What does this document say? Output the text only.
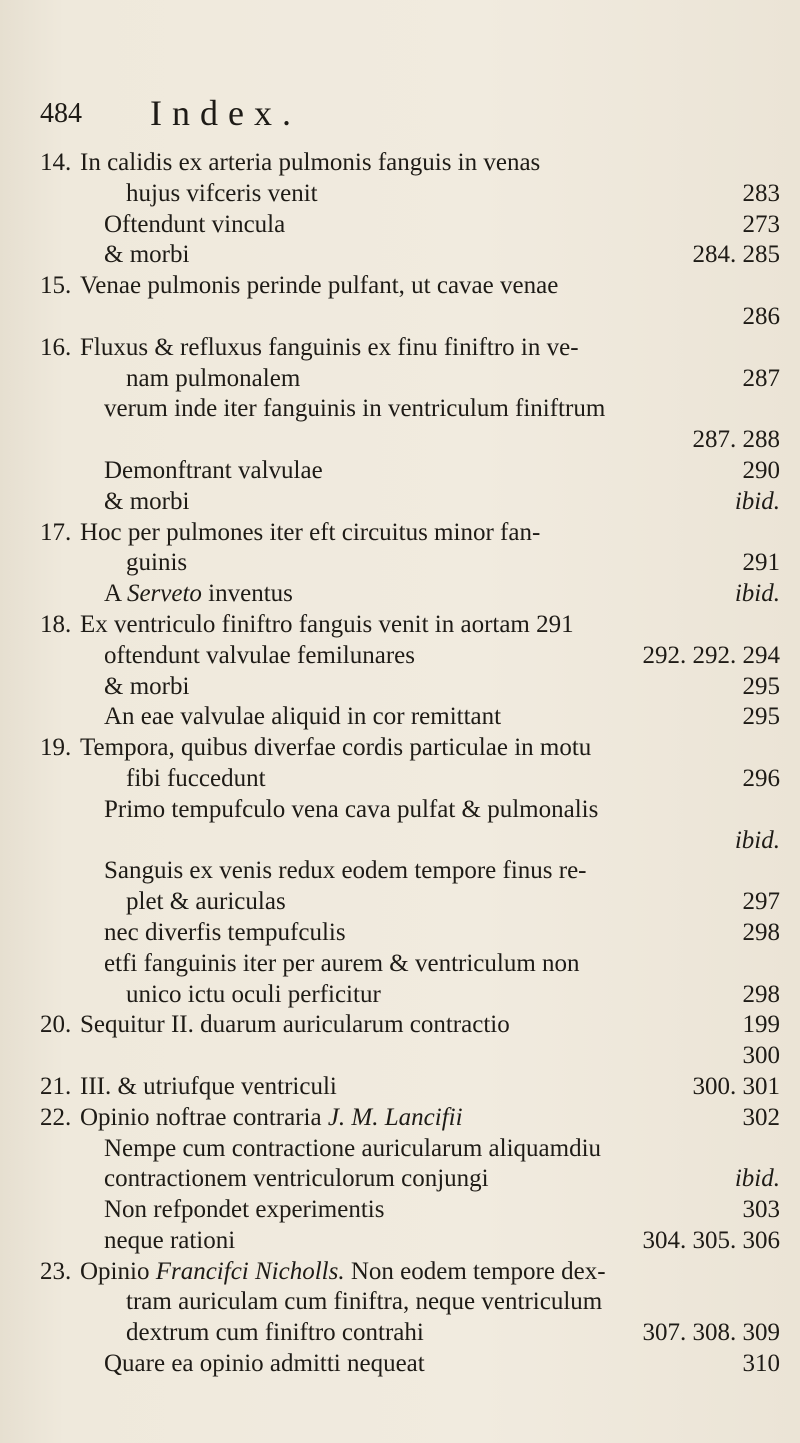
484 Index.
14. In calidis ex arteria pulmonis fanguis in venas
hujus vifceris venit	283
Oftendunt vincula	273
& morbi	284. 285
15. Venae pulmonis perinde pulfant, ut cavae venae
286
16. Fluxus & refluxus fanguinis ex finu finiftro in ve-
nam pulmonalem	287
verum inde iter fanguinis in ventriculum finiftrum
287. 288
Demonftrant valvulae	290
& morbi	ibid.
17. Hoc per pulmones iter eft circuitus minor fan-
guinis	291
A Serveto inventus	ibid.
18. Ex ventriculo finiftro fanguis venit in aortam 291
oftendunt valvulae femilunares	292. 292. 294
& morbi	295
An eae valvulae aliquid in cor remittant	295
19. Tempora, quibus diverfae cordis particulae in motu
fibi fuccedunt	296
Primo tempufculo vena cava pulfat & pulmonalis
ibid.
Sanguis ex venis redux eodem tempore finus re-
plet & auriculas	297
nec diverfis tempufculis	298
etfi fanguinis iter per aurem & ventriculum non
unico ictu oculi perficitur	298
20. Sequitur II. duarum auricularum contractio	199
300
21. III. & utriufque ventriculi	300. 301
22. Opinio noftrae contraria J. M. Lancifii	302
Nempe cum contractione auricularum aliquamdiu
contractionem ventriculorum conjungi	ibid.
Non refpondet experimentis	303
neque rationi	304. 305. 306
23. Opinio Francifci Nicholls. Non eodem tempore dex-
tram auriculam cum finiftra, neque ventriculum
dextrum cum finiftro contrahi	307. 308. 309
Quare ea opinio admitti nequeat	310
